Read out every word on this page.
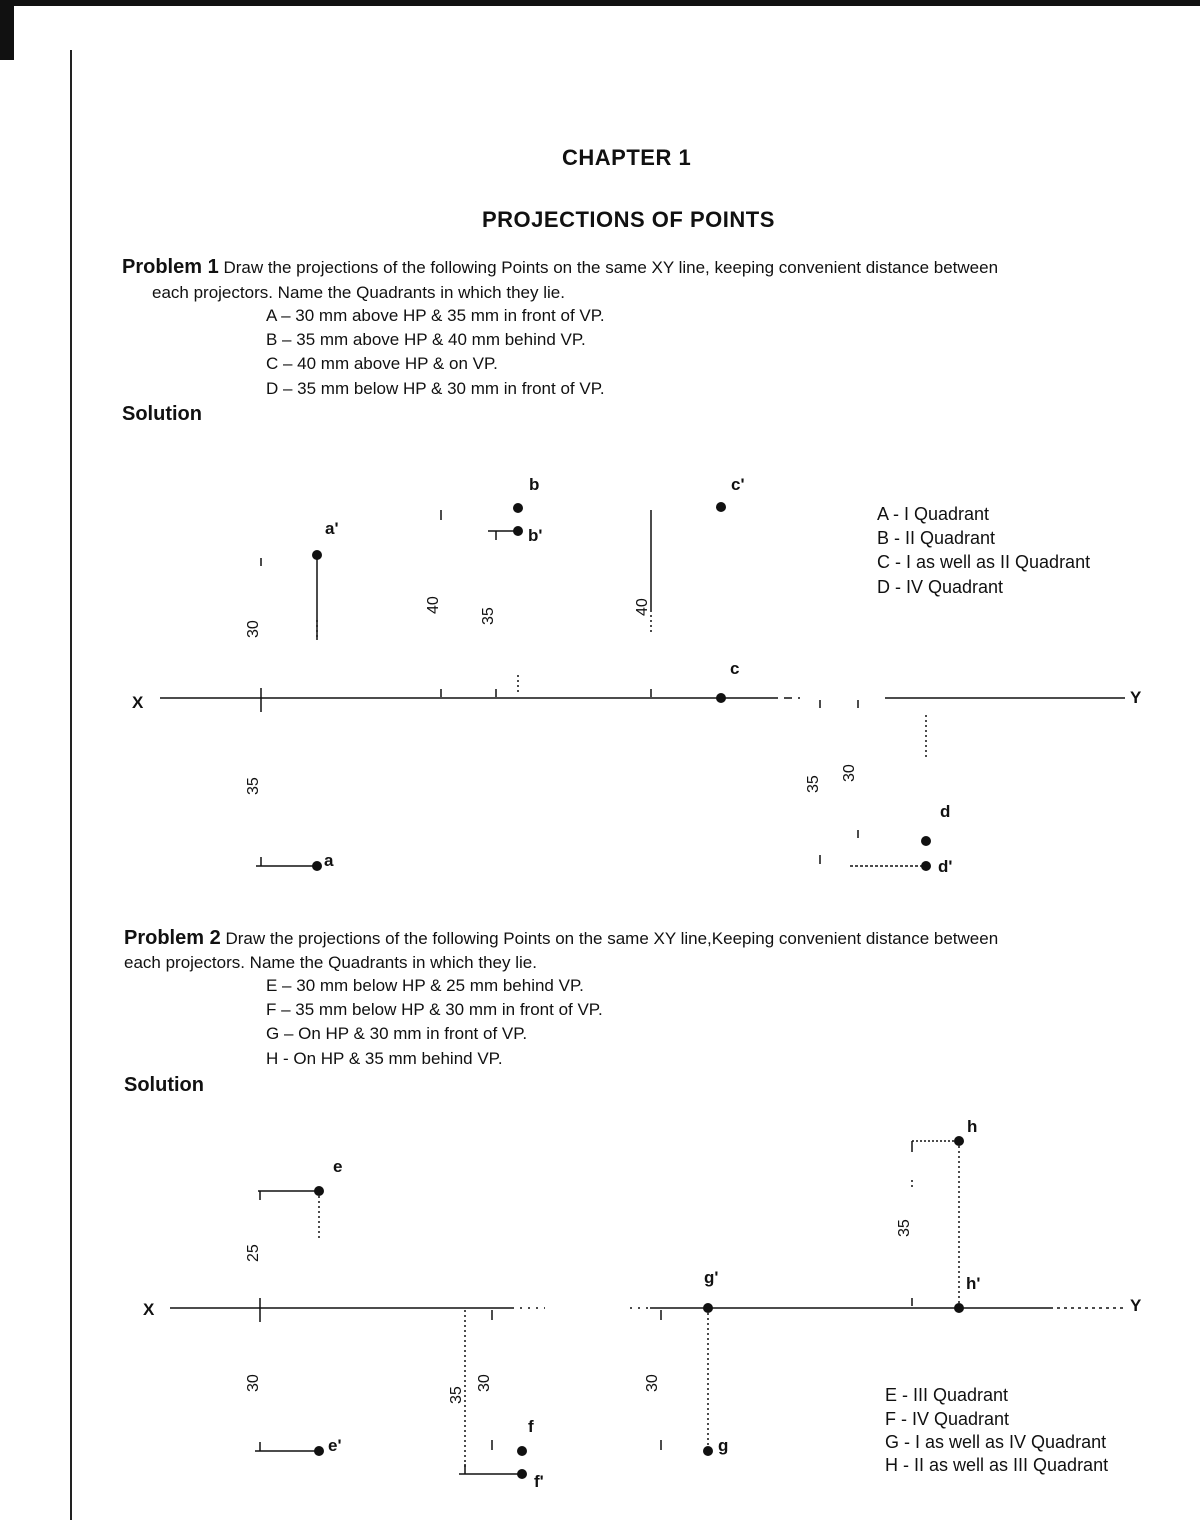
CHAPTER 1
PROJECTIONS OF POINTS
Problem 1 Draw the projections of the following Points on the same XY line, keeping convenient distance between
each projectors. Name the Quadrants in which they lie.
A – 30 mm above HP & 35 mm in front of VP.
B – 35 mm above HP & 40 mm behind VP.
C – 40 mm above HP & on VP.
D – 35 mm below HP & 30 mm in front of VP.
Solution
A - I Quadrant
B - II Quadrant
C - I as well as II Quadrant
D - IV Quadrant
X	Y
a'
a
b
b'
c'
c
d
d'
30
35
40
35
40
35
30
Problem 2 Draw the projections of the following Points on the same XY line,Keeping convenient distance between
each projectors. Name the Quadrants in which they lie.
E – 30 mm below HP & 25 mm behind VP.
F – 35 mm below HP & 30 mm in front of VP.
G – On HP & 30 mm in front of VP.
H - On HP & 35 mm behind VP.
Solution
E - III Quadrant
F - IV Quadrant
G - I as well as IV Quadrant
H - II as well as III Quadrant
X	Y
e
e'
f
f'
g'
g
h
h'
25
30
35
30	30
35
